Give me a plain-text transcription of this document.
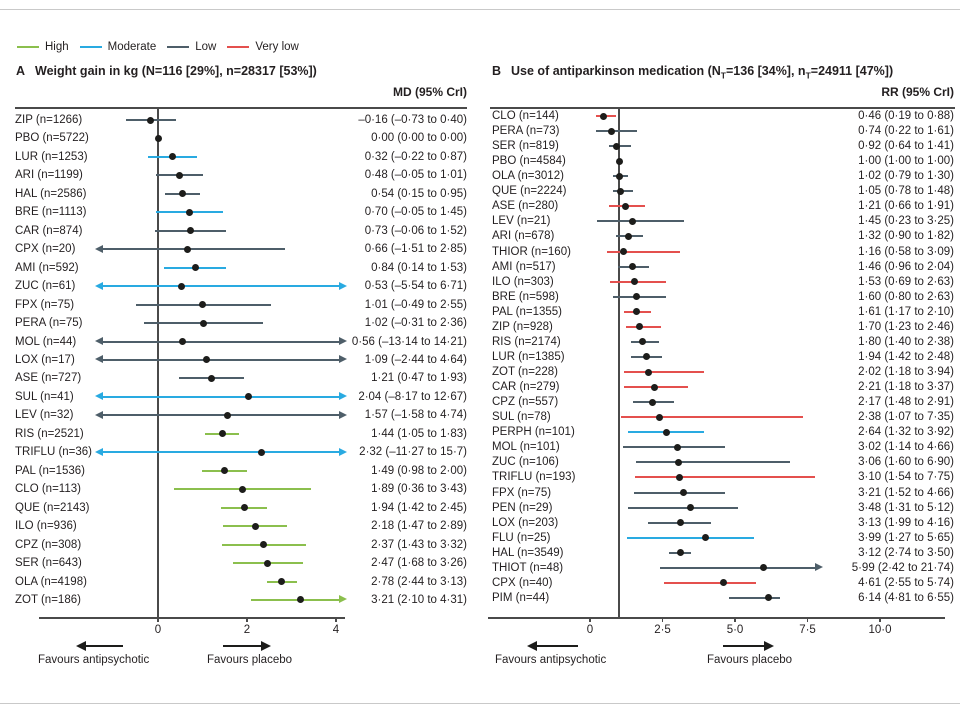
High	Moderate	Low	Very low
A Weight gain in kg (N=116 [29%], n=28317 [53%])	B Use of antiparkinson medication ($N_T=136$ [34%], $n_T=24911$ [47%])
MD (95% CrI)	RR (95% CrI)
0	2	4
ZIP (n=1266)	–0·16 (–0·73 to 0·40)
PBO (n=5722)	0·00 (0·00 to 0·00)
LUR (n=1253)	0·32 (–0·22 to 0·87)
ARI (n=1199)	0·48 (–0·05 to 1·01)
HAL (n=2586)	0·54 (0·15 to 0·95)
BRE (n=1113)	0·70 (–0·05 to 1·45)
CAR (n=874)	0·73 (–0·06 to 1·52)
CPX (n=20)	0·66 (–1·51 to 2·85)
AMI (n=592)	0·84 (0·14 to 1·53)
ZUC (n=61)	0·53 (–5·54 to 6·71)
FPX (n=75)	1·01 (–0·49 to 2·55)
PERA (n=75)	1·02 (–0·31 to 2·36)
MOL (n=44)	0·56 (–13·14 to 14·21)
LOX (n=17)	1·09 (–2·44 to 4·64)
ASE (n=727)	1·21 (0·47 to 1·93)
SUL (n=41)	2·04 (–8·17 to 12·67)
LEV (n=32)	1·57 (–1·58 to 4·74)
RIS (n=2521)	1·44 (1·05 to 1·83)
TRIFLU (n=36)	2·32 (–11·27 to 15·7)
PAL (n=1536)	1·49 (0·98 to 2·00)
CLO (n=113)	1·89 (0·36 to 3·43)
QUE (n=2143)	1·94 (1·42 to 2·45)
ILO (n=936)	2·18 (1·47 to 2·89)
CPZ (n=308)	2·37 (1·43 to 3·32)
SER (n=643)	2·47 (1·68 to 3·26)
OLA (n=4198)	2·78 (2·44 to 3·13)
ZOT (n=186)	3·21 (2·10 to 4·31)
0	2·5	5·0	7·5	10·0
CLO (n=144)	0·46 (0·19 to 0·88)
PERA (n=73)	0·74 (0·22 to 1·61)
SER (n=819)	0·92 (0·64 to 1·41)
PBO (n=4584)	1·00 (1·00 to 1·00)
OLA (n=3012)	1·02 (0·79 to 1·30)
QUE (n=2224)	1·05 (0·78 to 1·48)
ASE (n=280)	1·21 (0·66 to 1·91)
LEV (n=21)	1·45 (0·23 to 3·25)
ARI (n=678)	1·32 (0·90 to 1·82)
THIOR (n=160)	1·16 (0·58 to 3·09)
AMI (n=517)	1·46 (0·96 to 2·04)
ILO (n=303)	1·53 (0·69 to 2·63)
BRE (n=598)	1·60 (0·80 to 2·63)
PAL (n=1355)	1·61 (1·17 to 2·10)
ZIP (n=928)	1·70 (1·23 to 2·46)
RIS (n=2174)	1·80 (1·40 to 2·38)
LUR (n=1385)	1·94 (1·42 to 2·48)
ZOT (n=228)	2·02 (1·18 to 3·94)
CAR (n=279)	2·21 (1·18 to 3·37)
CPZ (n=557)	2·17 (1·48 to 2·91)
SUL (n=78)	2·38 (1·07 to 7·35)
PERPH (n=101)	2·64 (1·32 to 3·92)
MOL (n=101)	3·02 (1·14 to 4·66)
ZUC (n=106)	3·06 (1·60 to 6·90)
TRIFLU (n=193)	3·10 (1·54 to 7·75)
FPX (n=75)	3·21 (1·52 to 4·66)
PEN (n=29)	3·48 (1·31 to 5·12)
LOX (n=203)	3·13 (1·99 to 4·16)
FLU (n=25)	3·99 (1·27 to 5·65)
HAL (n=3549)	3·12 (2·74 to 3·50)
THIOT (n=48)	5·99 (2·42 to 21·74)
CPX (n=40)	4·61 (2·55 to 5·74)
PIM (n=44)	6·14 (4·81 to 6·55)
Favours antipsychotic	Favours placebo	Favours antipsychotic	Favours placebo
